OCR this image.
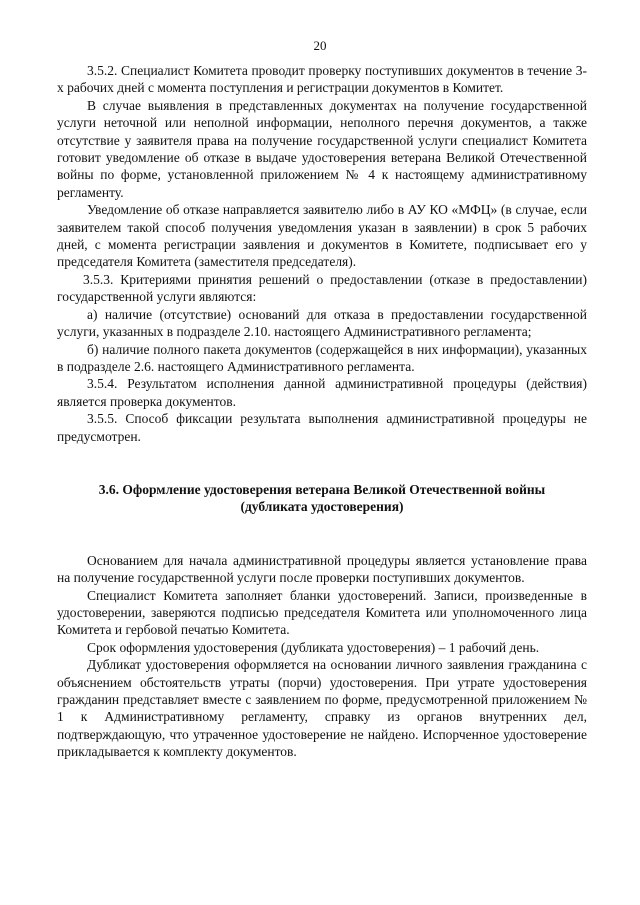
20

3.5.2. Специалист Комитета проводит проверку поступивших документов в течение 3-х рабочих дней с момента поступления и регистрации документов в Комитет.

В случае выявления в представленных документах на получение государственной услуги неточной или неполной информации, неполного перечня документов, а также отсутствие у заявителя права на получение государственной услуги специалист Комитета готовит уведомление об отказе в выдаче удостоверения ветерана Великой Отечественной войны по форме, установленной приложением № 4 к настоящему административному регламенту.

Уведомление об отказе направляется заявителю либо в АУ КО «МФЦ» (в случае, если заявителем такой способ получения уведомления указан в заявлении) в срок 5 рабочих дней, с момента регистрации заявления и документов в Комитете, подписывает его у председателя Комитета (заместителя председателя).

3.5.3. Критериями принятия решений о предоставлении (отказе в предоставлении) государственной услуги являются:

а) наличие (отсутствие) оснований для отказа в предоставлении государственной услуги, указанных в подразделе 2.10. настоящего Административного регламента;

б) наличие полного пакета документов (содержащейся в них информации), указанных в подразделе 2.6. настоящего Административного регламента.

3.5.4. Результатом исполнения данной административной процедуры (действия) является проверка документов.

3.5.5. Способ фиксации результата выполнения административной процедуры не предусмотрен.

3.6. Оформление удостоверения ветерана Великой Отечественной войны
(дубликата удостоверения)

Основанием для начала административной процедуры является установление права на получение государственной услуги после проверки поступивших документов.

Специалист Комитета заполняет бланки удостоверений. Записи, произведенные в удостоверении, заверяются подписью председателя Комитета или уполномоченного лица Комитета и гербовой печатью Комитета.

Срок оформления удостоверения (дубликата удостоверения) – 1 рабочий день.

Дубликат удостоверения оформляется на основании личного заявления гражданина с объяснением обстоятельств утраты (порчи) удостоверения. При утрате удостоверения гражданин представляет вместе с заявлением по форме, предусмотренной приложением № 1 к Административному регламенту, справку из органов внутренних дел, подтверждающую, что утраченное удостоверение не найдено. Испорченное удостоверение прикладывается к комплекту документов.
